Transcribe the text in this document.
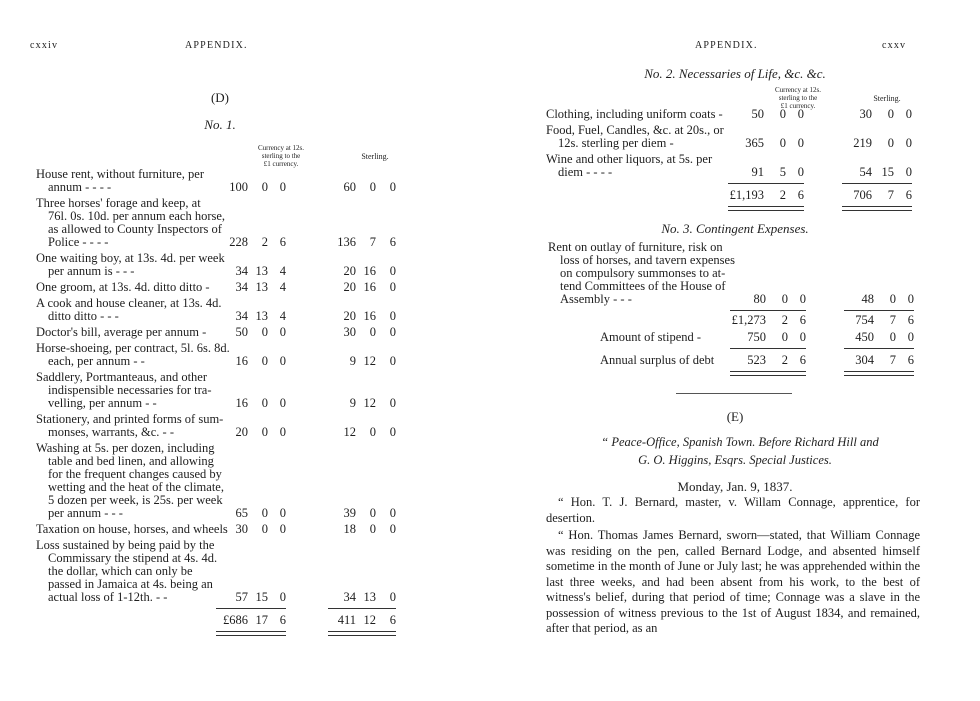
cxxiv	APPENDIX.
(D)
No. 1.
Currency at 12s.
sterling to the
£1 currency.
Sterling.
House rent, without furniture, per
annum - - - -	100	0 0	60	0	0
Three horses' forage and keep, at
76l. 0s. 10d. per annum each horse,
as allowed to County Inspectors of
Police - - - -	228	2 6	136	7	6
One waiting boy, at 13s. 4d. per week
per annum is - - -	34 13 4	20 16	0
One groom, at 13s. 4d. ditto ditto -	34 13 4	20 16	0
A cook and house cleaner, at 13s. 4d.
ditto ditto - - -	34 13 4	20 16	0
Doctor's bill, average per annum -	50	0 0	30	0	0
Horse-shoeing, per contract, 5l. 6s. 8d.
each, per annum - -	16	0 0	9 12	0
Saddlery, Portmanteaus, and other
indispensible necessaries for tra-
velling, per annum - -	16	0 0	9 12	0
Stationery, and printed forms of sum-
monses, warrants, &c. - -	20	0 0	12	0	0
Washing at 5s. per dozen, including
table and bed linen, and allowing
for the frequent changes caused by
wetting and the heat of the climate,
5 dozen per week, is 25s. per week
per annum - - -	65	0 0	39	0	0
Taxation on house, horses, and wheels 30	0 0	18	0	0
Loss sustained by being paid by the
Commissary the stipend at 4s. 4d.
the dollar, which can only be
passed in Jamaica at 4s. being an
actual loss of 1-12th. - -	57 15 0	34 13	0
£686 17 6	411 12	6
APPENDIX.	cxxv
No. 2. Necessaries of Life, &c. &c.
Currency at 12s.
sterling to the
£1 currency.
Sterling.
Clothing, including uniform coats -	50	0 0	30	0 0
Food, Fuel, Candles, &c. at 20s., or
12s. sterling per diem -	365	0 0	219	0 0
Wine and other liquors, at 5s. per
diem - - - -	91	5 0	54 15 0
£1,193	2 6	706	7 6
No. 3. Contingent Expenses.
Rent on outlay of furniture, risk on
loss of horses, and tavern expenses
on compulsory summonses to at-
tend Committees of the House of
Assembly - - -	80	0 0	48	0 0
£1,273	2 6	754	7 6
Amount of stipend -	750	0 0	450	0 0
Annual surplus of debt	523	2 6	304	7 6
(E)
“ Peace-Office, Spanish Town. Before Richard Hill and
G. O. Higgins, Esqrs. Special Justices.
Monday, Jan. 9, 1837.
“ Hon. T. J. Bernard, master, v. Willam Connage, apprentice, for desertion.
“ Hon. Thomas James Bernard, sworn—stated, that William Connage was residing on the pen, called Bernard Lodge, and absented himself sometime in the month of June or July last; he was apprehended within the last three weeks, and had been absent from his work, to the best of witness's belief, during that period of time; Connage was a slave in the possession of witness previous to the 1st of August 1834, and remained, after that period, as an
